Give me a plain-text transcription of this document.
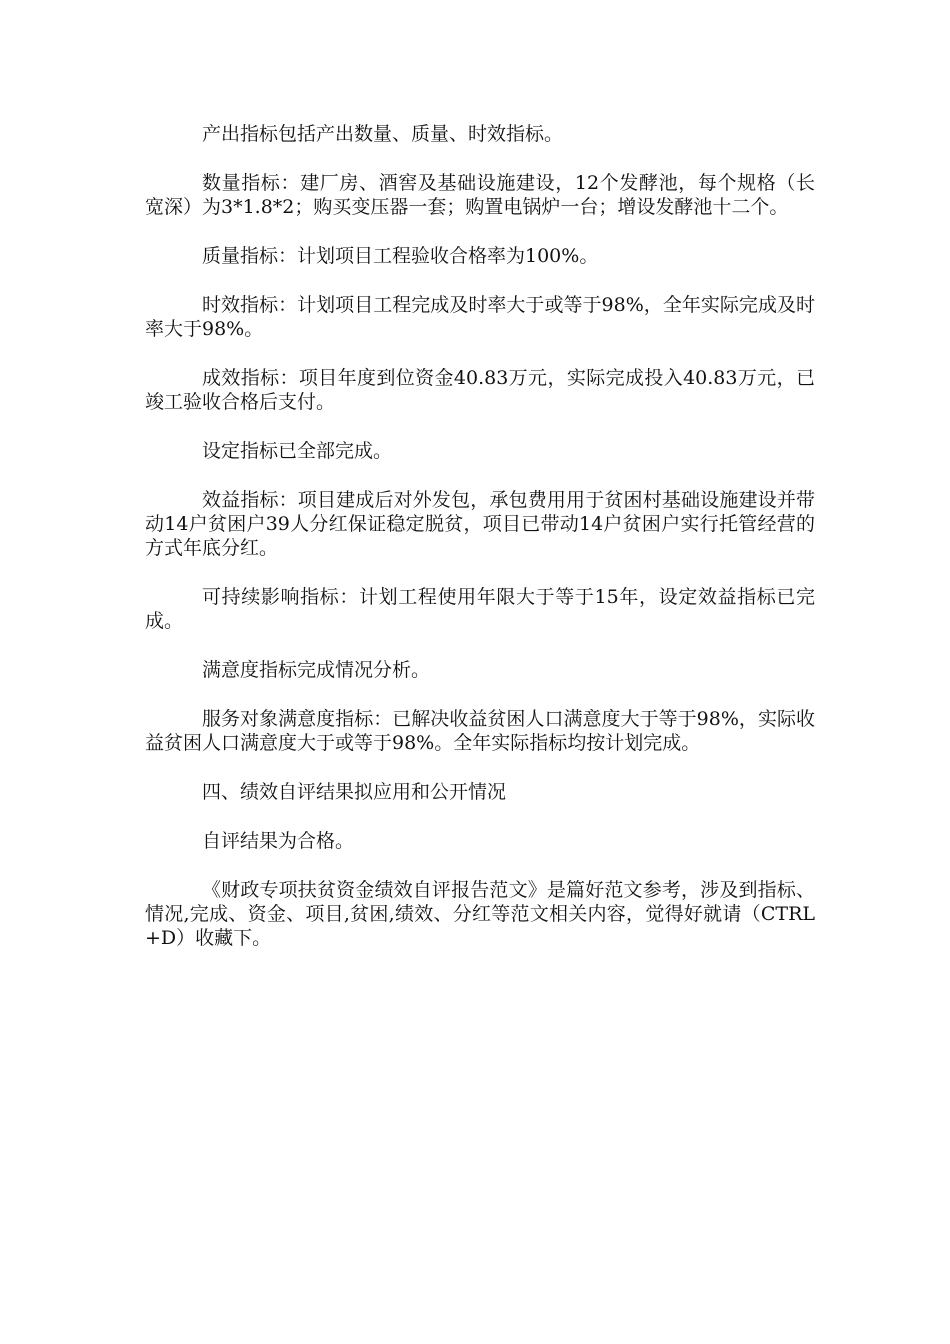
产出指标包括产出数量、质量、时效指标。

数量指标：建厂房、酒窖及基础设施建设，12个发酵池，每个规格（长宽深）为3*1.8*2；购买变压器一套；购置电锅炉一台；增设发酵池十二个。

质量指标：计划项目工程验收合格率为100%。

时效指标：计划项目工程完成及时率大于或等于98%，全年实际完成及时率大于98%。

成效指标：项目年度到位资金40.83万元，实际完成投入40.83万元，已竣工验收合格后支付。

设定指标已全部完成。

效益指标：项目建成后对外发包，承包费用用于贫困村基础设施建设并带动14户贫困户39人分红保证稳定脱贫，项目已带动14户贫困户实行托管经营的方式年底分红。

可持续影响指标：计划工程使用年限大于等于15年，设定效益指标已完成。

满意度指标完成情况分析。

服务对象满意度指标：已解决收益贫困人口满意度大于等于98%，实际收益贫困人口满意度大于或等于98%。全年实际指标均按计划完成。

四、绩效自评结果拟应用和公开情况

自评结果为合格。

《财政专项扶贫资金绩效自评报告范文》是篇好范文参考，涉及到指标、情况,完成、资金、项目,贫困,绩效、分红等范文相关内容，觉得好就请（CTRL+D）收藏下。
